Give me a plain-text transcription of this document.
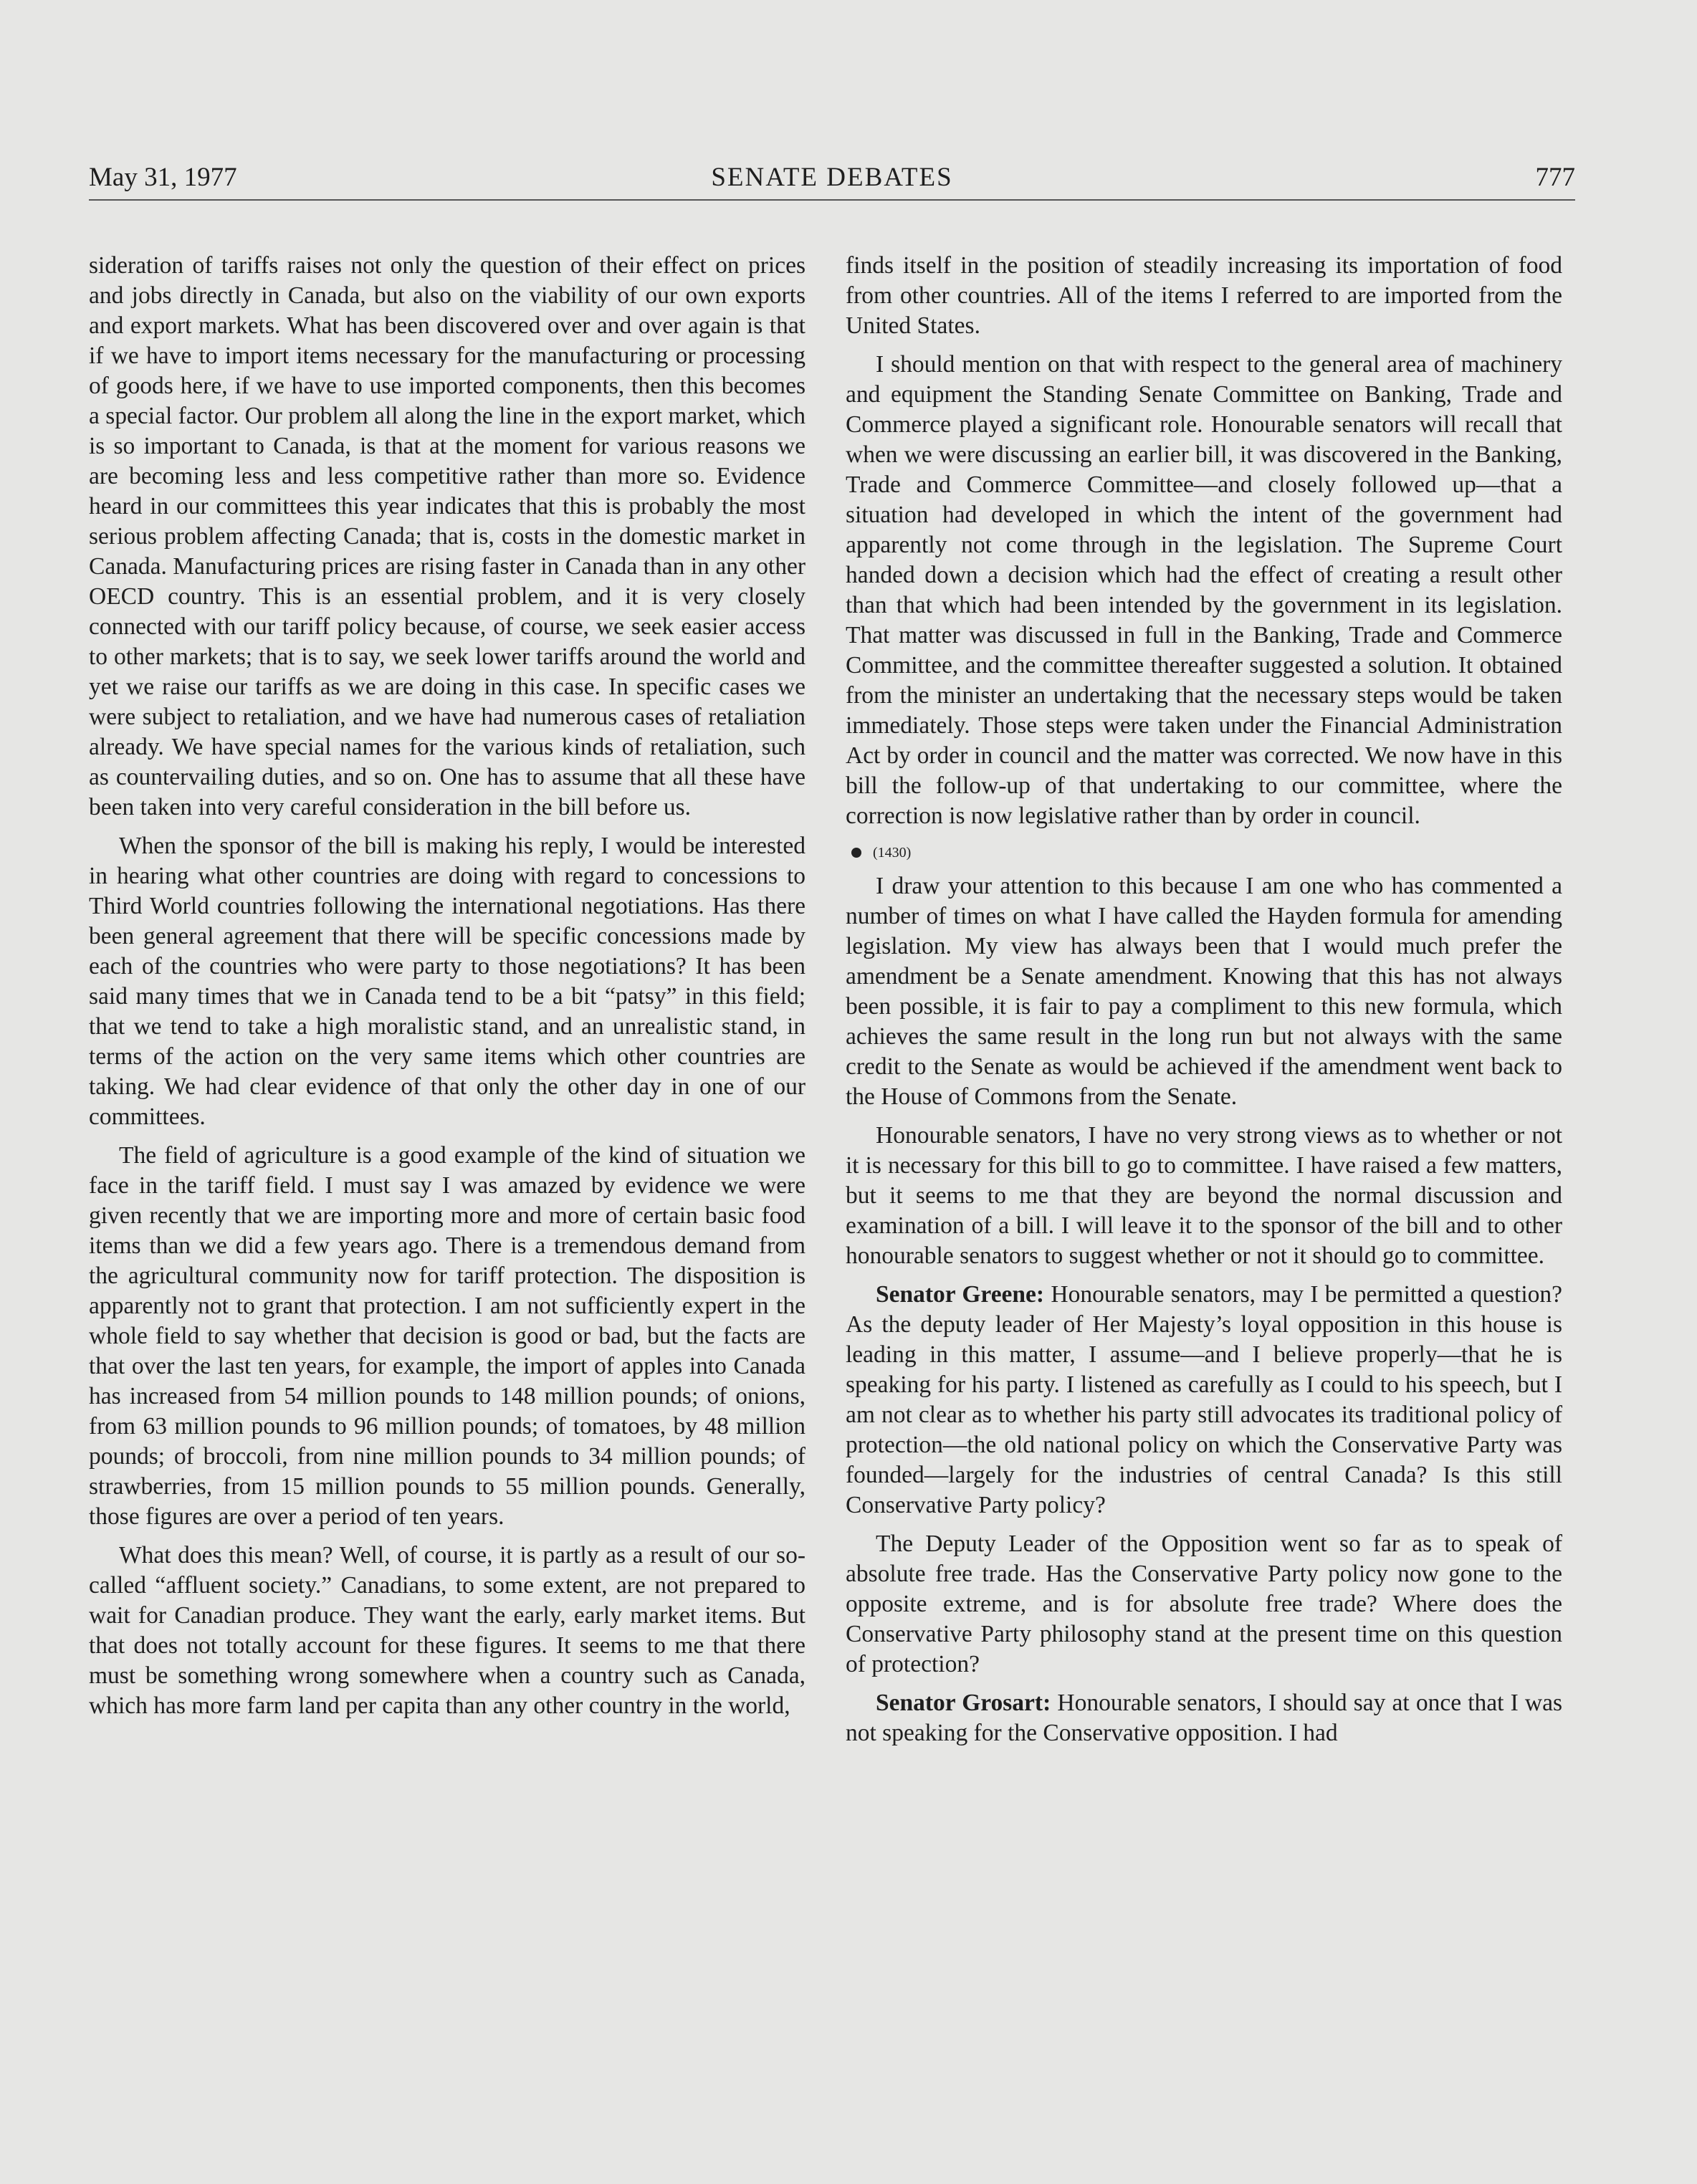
May 31, 1977	SENATE DEBATES	777

sideration of tariffs raises not only the question of their effect on prices and jobs directly in Canada, but also on the viability of our own exports and export markets. What has been discovered over and over again is that if we have to import items necessary for the manufacturing or processing of goods here, if we have to use imported components, then this becomes a special factor. Our problem all along the line in the export market, which is so important to Canada, is that at the moment for various reasons we are becoming less and less competitive rather than more so. Evidence heard in our committees this year indicates that this is probably the most serious problem affecting Canada; that is, costs in the domestic market in Canada. Manufacturing prices are rising faster in Canada than in any other OECD country. This is an essential problem, and it is very closely connected with our tariff policy because, of course, we seek easier access to other markets; that is to say, we seek lower tariffs around the world and yet we raise our tariffs as we are doing in this case. In specific cases we were subject to retaliation, and we have had numerous cases of retaliation already. We have special names for the various kinds of retaliation, such as countervailing duties, and so on. One has to assume that all these have been taken into very careful consideration in the bill before us.

When the sponsor of the bill is making his reply, I would be interested in hearing what other countries are doing with regard to concessions to Third World countries following the international negotiations. Has there been general agreement that there will be specific concessions made by each of the countries who were party to those negotiations? It has been said many times that we in Canada tend to be a bit “patsy” in this field; that we tend to take a high moralistic stand, and an unrealistic stand, in terms of the action on the very same items which other countries are taking. We had clear evidence of that only the other day in one of our committees.

The field of agriculture is a good example of the kind of situation we face in the tariff field. I must say I was amazed by evidence we were given recently that we are importing more and more of certain basic food items than we did a few years ago. There is a tremendous demand from the agricultural community now for tariff protection. The disposition is apparently not to grant that protection. I am not sufficiently expert in the whole field to say whether that decision is good or bad, but the facts are that over the last ten years, for example, the import of apples into Canada has increased from 54 million pounds to 148 million pounds; of onions, from 63 million pounds to 96 million pounds; of tomatoes, by 48 million pounds; of broccoli, from nine million pounds to 34 million pounds; of strawberries, from 15 million pounds to 55 million pounds. Generally, those figures are over a period of ten years.

What does this mean? Well, of course, it is partly as a result of our so-called “affluent society.” Canadians, to some extent, are not prepared to wait for Canadian produce. They want the early, early market items. But that does not totally account for these figures. It seems to me that there must be something wrong somewhere when a country such as Canada, which has more farm land per capita than any other country in the world,

finds itself in the position of steadily increasing its importation of food from other countries. All of the items I referred to are imported from the United States.

I should mention on that with respect to the general area of machinery and equipment the Standing Senate Committee on Banking, Trade and Commerce played a significant role. Honourable senators will recall that when we were discussing an earlier bill, it was discovered in the Banking, Trade and Commerce Committee—and closely followed up—that a situation had developed in which the intent of the government had apparently not come through in the legislation. The Supreme Court handed down a decision which had the effect of creating a result other than that which had been intended by the government in its legislation. That matter was discussed in full in the Banking, Trade and Commerce Committee, and the committee thereafter suggested a solution. It obtained from the minister an undertaking that the necessary steps would be taken immediately. Those steps were taken under the Financial Administration Act by order in council and the matter was corrected. We now have in this bill the follow-up of that undertaking to our committee, where the correction is now legislative rather than by order in council.

(1430)

I draw your attention to this because I am one who has commented a number of times on what I have called the Hayden formula for amending legislation. My view has always been that I would much prefer the amendment be a Senate amendment. Knowing that this has not always been possible, it is fair to pay a compliment to this new formula, which achieves the same result in the long run but not always with the same credit to the Senate as would be achieved if the amendment went back to the House of Commons from the Senate.

Honourable senators, I have no very strong views as to whether or not it is necessary for this bill to go to committee. I have raised a few matters, but it seems to me that they are beyond the normal discussion and examination of a bill. I will leave it to the sponsor of the bill and to other honourable senators to suggest whether or not it should go to committee.

Senator Greene: Honourable senators, may I be permitted a question? As the deputy leader of Her Majesty’s loyal opposition in this house is leading in this matter, I assume—and I believe properly—that he is speaking for his party. I listened as carefully as I could to his speech, but I am not clear as to whether his party still advocates its traditional policy of protection—the old national policy on which the Conservative Party was founded—largely for the industries of central Canada? Is this still Conservative Party policy?

The Deputy Leader of the Opposition went so far as to speak of absolute free trade. Has the Conservative Party policy now gone to the opposite extreme, and is for absolute free trade? Where does the Conservative Party philosophy stand at the present time on this question of protection?

Senator Grosart: Honourable senators, I should say at once that I was not speaking for the Conservative opposition. I had
